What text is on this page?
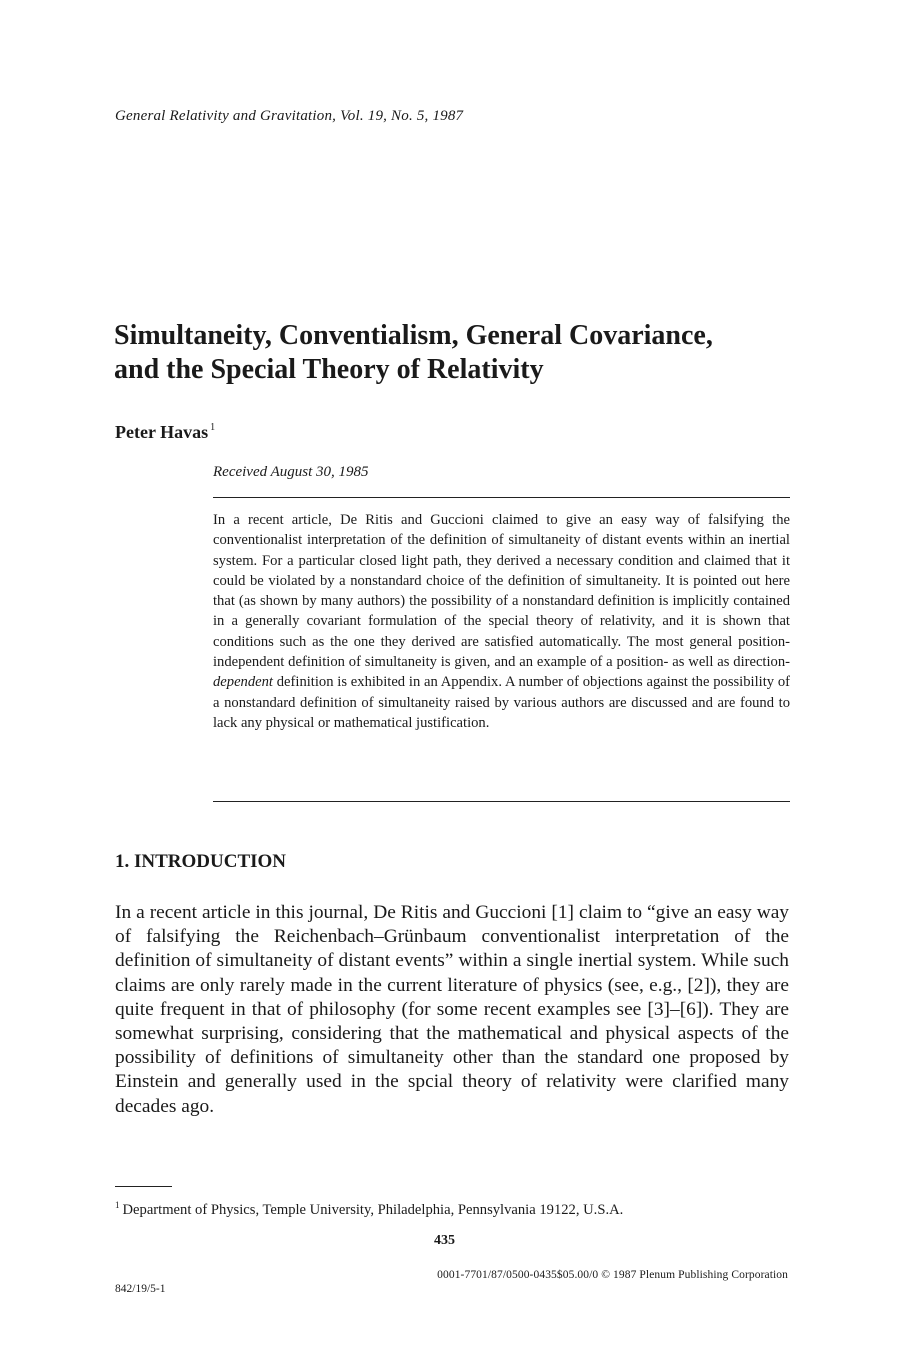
General Relativity and Gravitation, Vol. 19, No. 5, 1987
Simultaneity, Conventialism, General Covariance,
and the Special Theory of Relativity
Peter Havas $^1$
Received August 30, 1985

In a recent article, De Ritis and Guccioni claimed to give an easy way of falsifying the conventionalist interpretation of the definition of simultaneity of distant events within an inertial system. For a particular closed light path, they derived a necessary condition and claimed that it could be violated by a nonstandard choice of the definition of simultaneity. It is pointed out here that (as shown by many authors) the possibility of a nonstandard definition is implicitly contained in a generally covariant formulation of the special theory of relativity, and it is shown that conditions such as the one they derived are satisfied automatically. The most general position-independent definition of simultaneity is given, and an example of a position- as well as direction-dependent definition is exhibited in an Appendix. A number of objections against the possibility of a nonstandard definition of simultaneity raised by various authors are discussed and are found to lack any physical or mathematical justification.

1. INTRODUCTION

In a recent article in this journal, De Ritis and Guccioni [1] claim to “give an easy way of falsifying the Reichenbach–Grünbaum conventionalist interpretation of the definition of simultaneity of distant events” within a single inertial system. While such claims are only rarely made in the current literature of physics (see, e.g., [2]), they are quite frequent in that of philosophy (for some recent examples see [3]–[6]). They are somewhat surprising, considering that the mathematical and physical aspects of the possibility of definitions of simultaneity other than the standard one proposed by Einstein and generally used in the spcial theory of relativity were clarified many decades ago.

$^1$ Department of Physics, Temple University, Philadelphia, Pennsylvania 19122, U.S.A.
435
0001-7701/87/0500-0435$05.00/0 © 1987 Plenum Publishing Corporation
842/19/5-1
